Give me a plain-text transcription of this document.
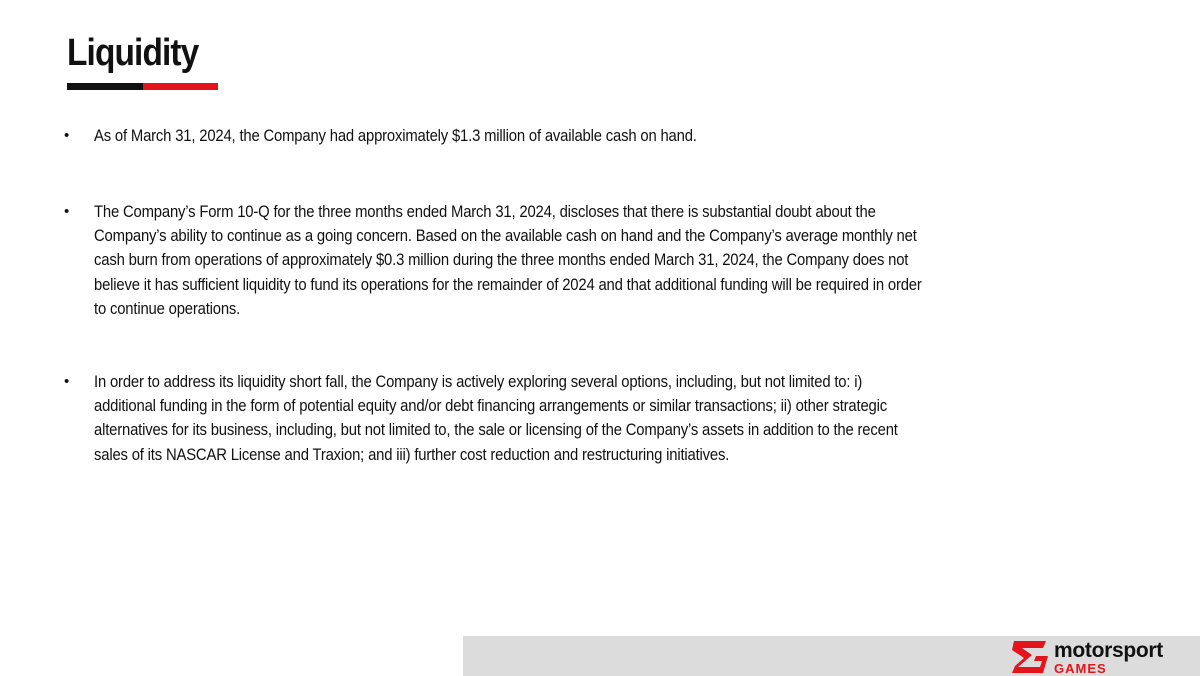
Liquidity
•	As of March 31, 2024, the Company had approximately $1.3 million of available cash on hand.
•	The Company’s Form 10-Q for the three months ended March 31, 2024, discloses that there is substantial doubt about the Company’s ability to continue as a going concern. Based on the available cash on hand and the Company’s average monthly net cash burn from operations of approximately $0.3 million during the three months ended March 31, 2024, the Company does not believe it has sufficient liquidity to fund its operations for the remainder of 2024 and that additional funding will be required in order to continue operations.
•	In order to address its liquidity short fall, the Company is actively exploring several options, including, but not limited to: i) additional funding in the form of potential equity and/or debt financing arrangements or similar transactions; ii) other strategic alternatives for its business, including, but not limited to, the sale or licensing of the Company’s assets in addition to the recent sales of its NASCAR License and Traxion; and iii) further cost reduction and restructuring initiatives.
motorsport
GAMES
